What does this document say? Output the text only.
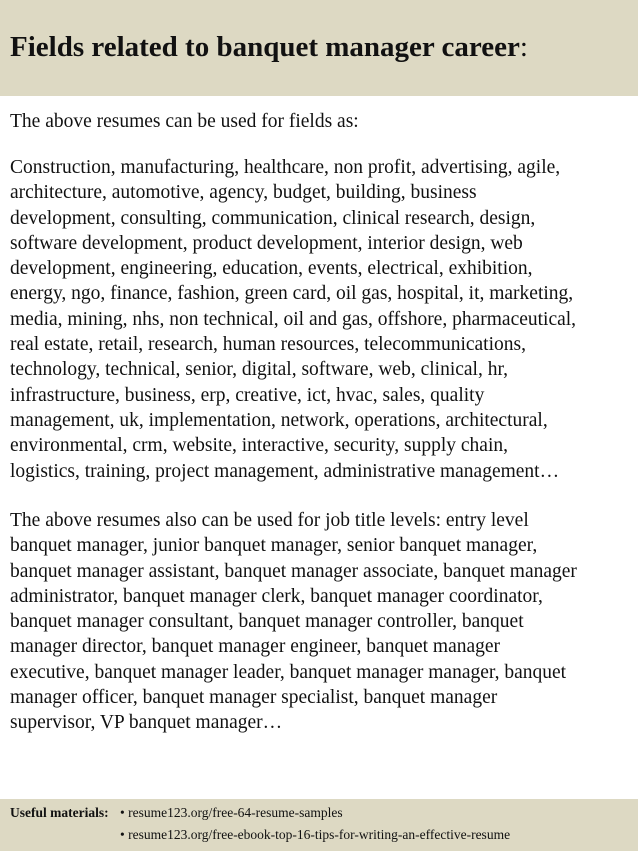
Fields related to banquet manager career:
The above resumes can be used for fields as:
Construction, manufacturing, healthcare, non profit, advertising, agile,
architecture, automotive, agency, budget, building, business
development, consulting, communication, clinical research, design,
software development, product development, interior design, web
development, engineering, education, events, electrical, exhibition,
energy, ngo, finance, fashion, green card, oil gas, hospital, it, marketing,
media, mining, nhs, non technical, oil and gas, offshore, pharmaceutical,
real estate, retail, research, human resources, telecommunications,
technology, technical, senior, digital, software, web, clinical, hr,
infrastructure, business, erp, creative, ict, hvac, sales, quality
management, uk, implementation, network, operations, architectural,
environmental, crm, website, interactive, security, supply chain,
logistics, training, project management, administrative management…
The above resumes also can be used for job title levels: entry level
banquet manager, junior banquet manager, senior banquet manager,
banquet manager assistant, banquet manager associate, banquet manager
administrator, banquet manager clerk, banquet manager coordinator,
banquet manager consultant, banquet manager controller, banquet
manager director, banquet manager engineer, banquet manager
executive, banquet manager leader, banquet manager manager, banquet
manager officer, banquet manager specialist, banquet manager
supervisor, VP banquet manager…
Useful materials: • resume123.org/free-64-resume-samples
• resume123.org/free-ebook-top-16-tips-for-writing-an-effective-resume
